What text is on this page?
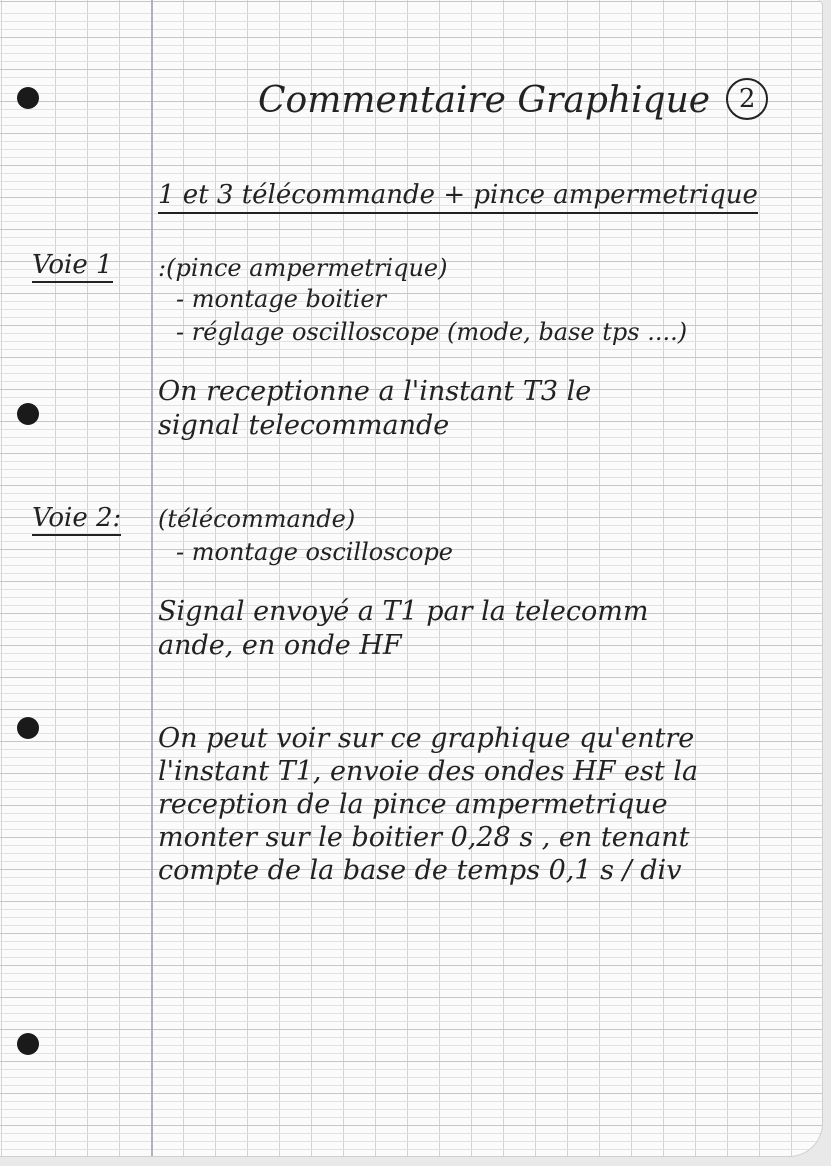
Commentaire Graphique 2
1 et 3 télécommande + pince ampermetrique
Voie 1 :(pince ampermetrique)
- montage boitier
- réglage oscilloscope (mode, base tps ....)
On receptionne a l'instant T3 le
signal telecommande
Voie 2: (télécommande)
- montage oscilloscope
Signal envoyé a T1 par la telecomm
ande, en onde HF
On peut voir sur ce graphique qu'entre
l'instant T1, envoie des ondes HF est la
reception de la pince ampermetrique
monter sur le boitier 0,28 s , en tenant
compte de la base de temps 0,1 s / div
